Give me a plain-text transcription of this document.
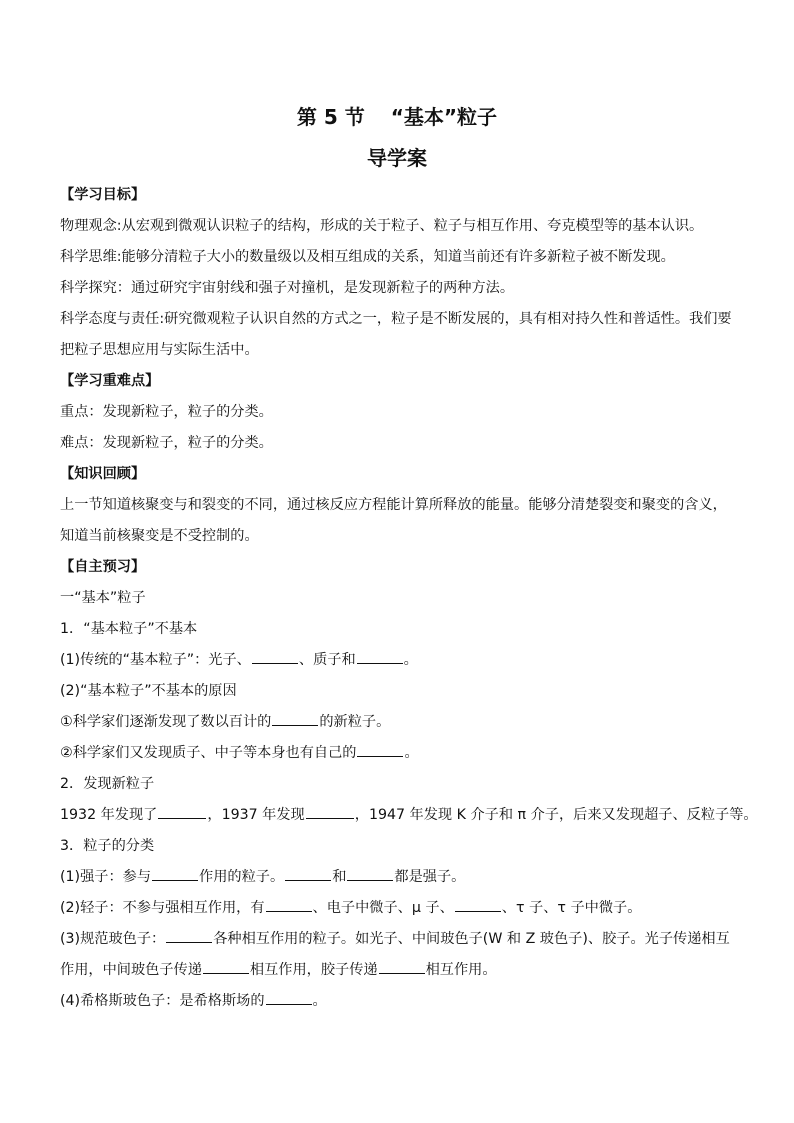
第 5 节 “基本”粒子
导学案
【学习目标】
物理观念:从宏观到微观认识粒子的结构，形成的关于粒子、粒子与相互作用、夸克模型等的基本认识。
科学思维:能够分清粒子大小的数量级以及相互组成的关系，知道当前还有许多新粒子被不断发现。
科学探究：通过研究宇宙射线和强子对撞机，是发现新粒子的两种方法。
科学态度与责任:研究微观粒子认识自然的方式之一，粒子是不断发展的，具有相对持久性和普适性。我们要把粒子思想应用与实际生活中。
【学习重难点】
重点：发现新粒子，粒子的分类。
难点：发现新粒子，粒子的分类。
【知识回顾】
上一节知道核聚变与和裂变的不同，通过核反应方程能计算所释放的能量。能够分清楚裂变和聚变的含义，知道当前核聚变是不受控制的。
【自主预习】
一“基本”粒子
1．“基本粒子”不基本
(1)传统的“基本粒子”：光子、	、质子和	。
(2)“基本粒子”不基本的原因
①科学家们逐渐发现了数以百计的	的新粒子。
②科学家们又发现质子、中子等本身也有自己的	。
2．发现新粒子
1932 年发现了	，1937 年发现	，1947 年发现 K 介子和 π 介子，后来又发现超子、反粒子等。
3．粒子的分类
(1)强子：参与	作用的粒子。	和	都是强子。
(2)轻子：不参与强相互作用，有	、电子中微子、μ 子、	、τ 子、τ 子中微子。
(3)规范玻色子：	各种相互作用的粒子。如光子、中间玻色子(W 和 Z 玻色子)、胶子。光子传递相互作用，中间玻色子传递	相互作用，胶子传递	相互作用。
(4)希格斯玻色子：是希格斯场的	。
